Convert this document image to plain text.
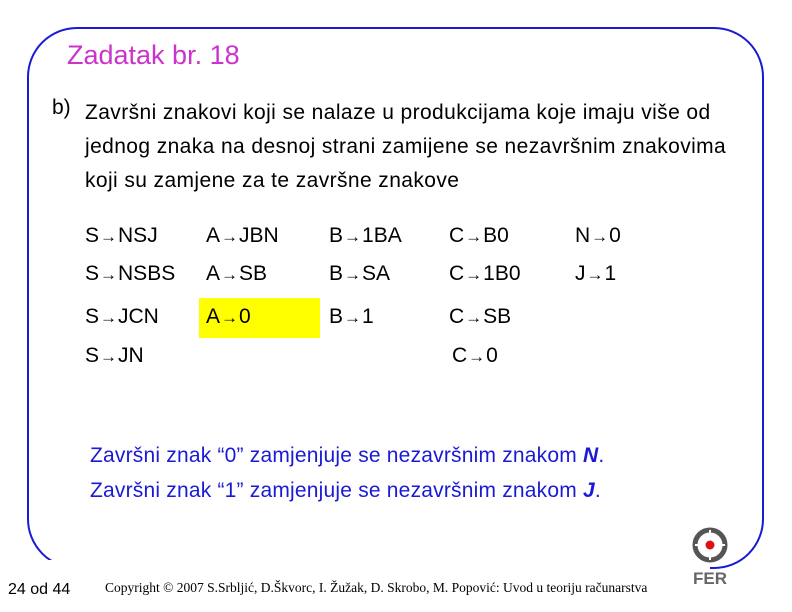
Zadatak br. 18
b) Završni znakovi koji se nalaze u produkcijama koje imaju više od jednog znaka na desnoj strani zamijene se nezavršnim znakovima koji su zamjene za te završne znakove
S→NSJ
S→NSBS
S→JCN
S→JN
A→JBN
A→SB
A→0
B→1BA
B→SA
B→1
C→B0
C→1B0
C→SB
C→0
N→0
J→1
Završni znak “0” zamjenjuje se nezavršnim znakom N.
Završni znak “1” zamjenjuje se nezavršnim znakom J.
24 od 44	Copyright © 2007 S.Srbljić, D.Škvorc, I. Žužak, D. Skrobo, M. Popović: Uvod u teoriju računarstva	FER
